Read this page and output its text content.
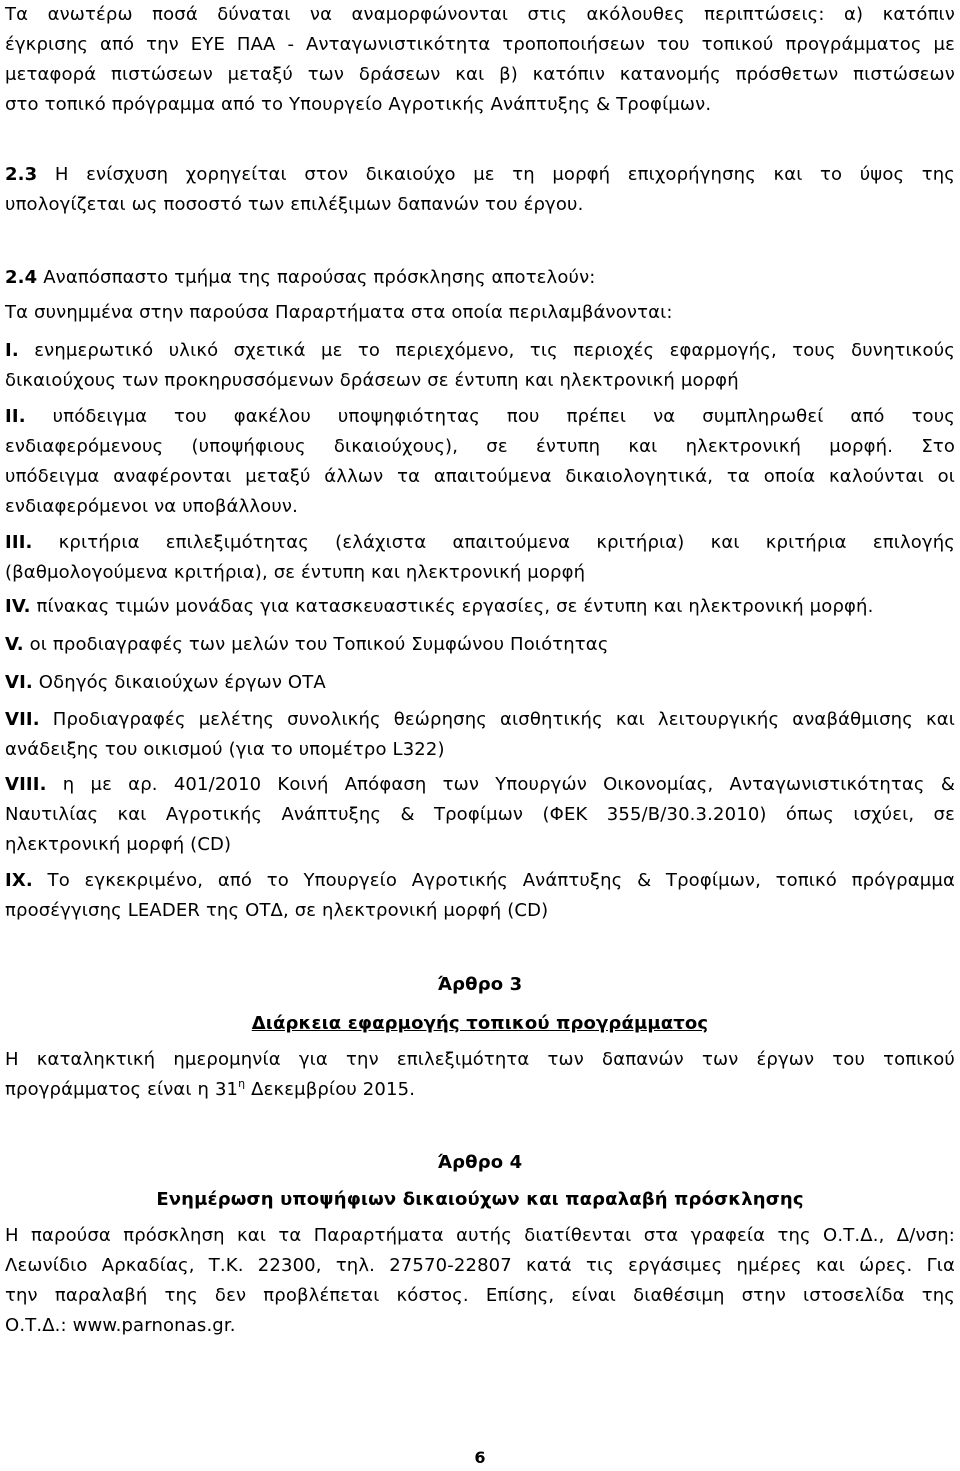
Τα ανωτέρω ποσά δύναται να αναμορφώνονται στις ακόλουθες περιπτώσεις: α) κατόπιν
έγκρισης από την ΕΥΕ ΠΑΑ - Ανταγωνιστικότητα τροποποιήσεων του τοπικού προγράμματος με
μεταφορά πιστώσεων μεταξύ των δράσεων και β) κατόπιν κατανομής πρόσθετων πιστώσεων
στο τοπικό πρόγραμμα από το Υπουργείο Αγροτικής Ανάπτυξης & Τροφίμων.
2.3 Η ενίσχυση χορηγείται στον δικαιούχο με τη μορφή επιχορήγησης και το ύψος της
υπολογίζεται ως ποσοστό των επιλέξιμων δαπανών του έργου.
2.4 Αναπόσπαστο τμήμα της παρούσας πρόσκλησης αποτελούν:
Τα συνημμένα στην παρούσα Παραρτήματα στα οποία περιλαμβάνονται:
I. ενημερωτικό υλικό σχετικά με το περιεχόμενο, τις περιοχές εφαρμογής, τους δυνητικούς
δικαιούχους των προκηρυσσόμενων δράσεων σε έντυπη και ηλεκτρονική μορφή
II. υπόδειγμα του φακέλου υποψηφιότητας που πρέπει να συμπληρωθεί από τους
ενδιαφερόμενους (υποψήφιους δικαιούχους), σε έντυπη και ηλεκτρονική μορφή. Στο
υπόδειγμα αναφέρονται μεταξύ άλλων τα απαιτούμενα δικαιολογητικά, τα οποία καλούνται οι
ενδιαφερόμενοι να υποβάλλουν.
III. κριτήρια επιλεξιμότητας (ελάχιστα απαιτούμενα κριτήρια) και κριτήρια επιλογής
(βαθμολογούμενα κριτήρια), σε έντυπη και ηλεκτρονική μορφή
IV. πίνακας τιμών μονάδας για κατασκευαστικές εργασίες, σε έντυπη και ηλεκτρονική μορφή.
V. οι προδιαγραφές των μελών του Τοπικού Συμφώνου Ποιότητας
VI. Οδηγός δικαιούχων έργων ΟΤΑ
VII. Προδιαγραφές μελέτης συνολικής θεώρησης αισθητικής και λειτουργικής αναβάθμισης και
ανάδειξης του οικισμού (για το υπομέτρο L322)
VIII. η με αρ. 401/2010 Κοινή Απόφαση των Υπουργών Οικονομίας, Ανταγωνιστικότητας &
Ναυτιλίας και Αγροτικής Ανάπτυξης & Τροφίμων (ΦΕΚ 355/Β/30.3.2010) όπως ισχύει, σε
ηλεκτρονική μορφή (CD)
IX. Το εγκεκριμένο, από το Υπουργείο Αγροτικής Ανάπτυξης & Τροφίμων, τοπικό πρόγραμμα
προσέγγισης LEADER της ΟΤΔ, σε ηλεκτρονική μορφή (CD)
Άρθρο 3
Διάρκεια εφαρμογής τοπικού προγράμματος
Η καταληκτική ημερομηνία για την επιλεξιμότητα των δαπανών των έργων του τοπικού
προγράμματος είναι η $31^\eta$ Δεκεμβρίου 2015.
Άρθρο 4
Ενημέρωση υποψήφιων δικαιούχων και παραλαβή πρόσκλησης
Η παρούσα πρόσκληση και τα Παραρτήματα αυτής διατίθενται στα γραφεία της Ο.Τ.Δ., Δ/νση:
Λεωνίδιο Αρκαδίας, Τ.Κ. 22300, τηλ. 27570-22807 κατά τις εργάσιμες ημέρες και ώρες. Για
την παραλαβή της δεν προβλέπεται κόστος. Επίσης, είναι διαθέσιμη στην ιστοσελίδα της
Ο.Τ.Δ.: www.parnonas.gr.
6
